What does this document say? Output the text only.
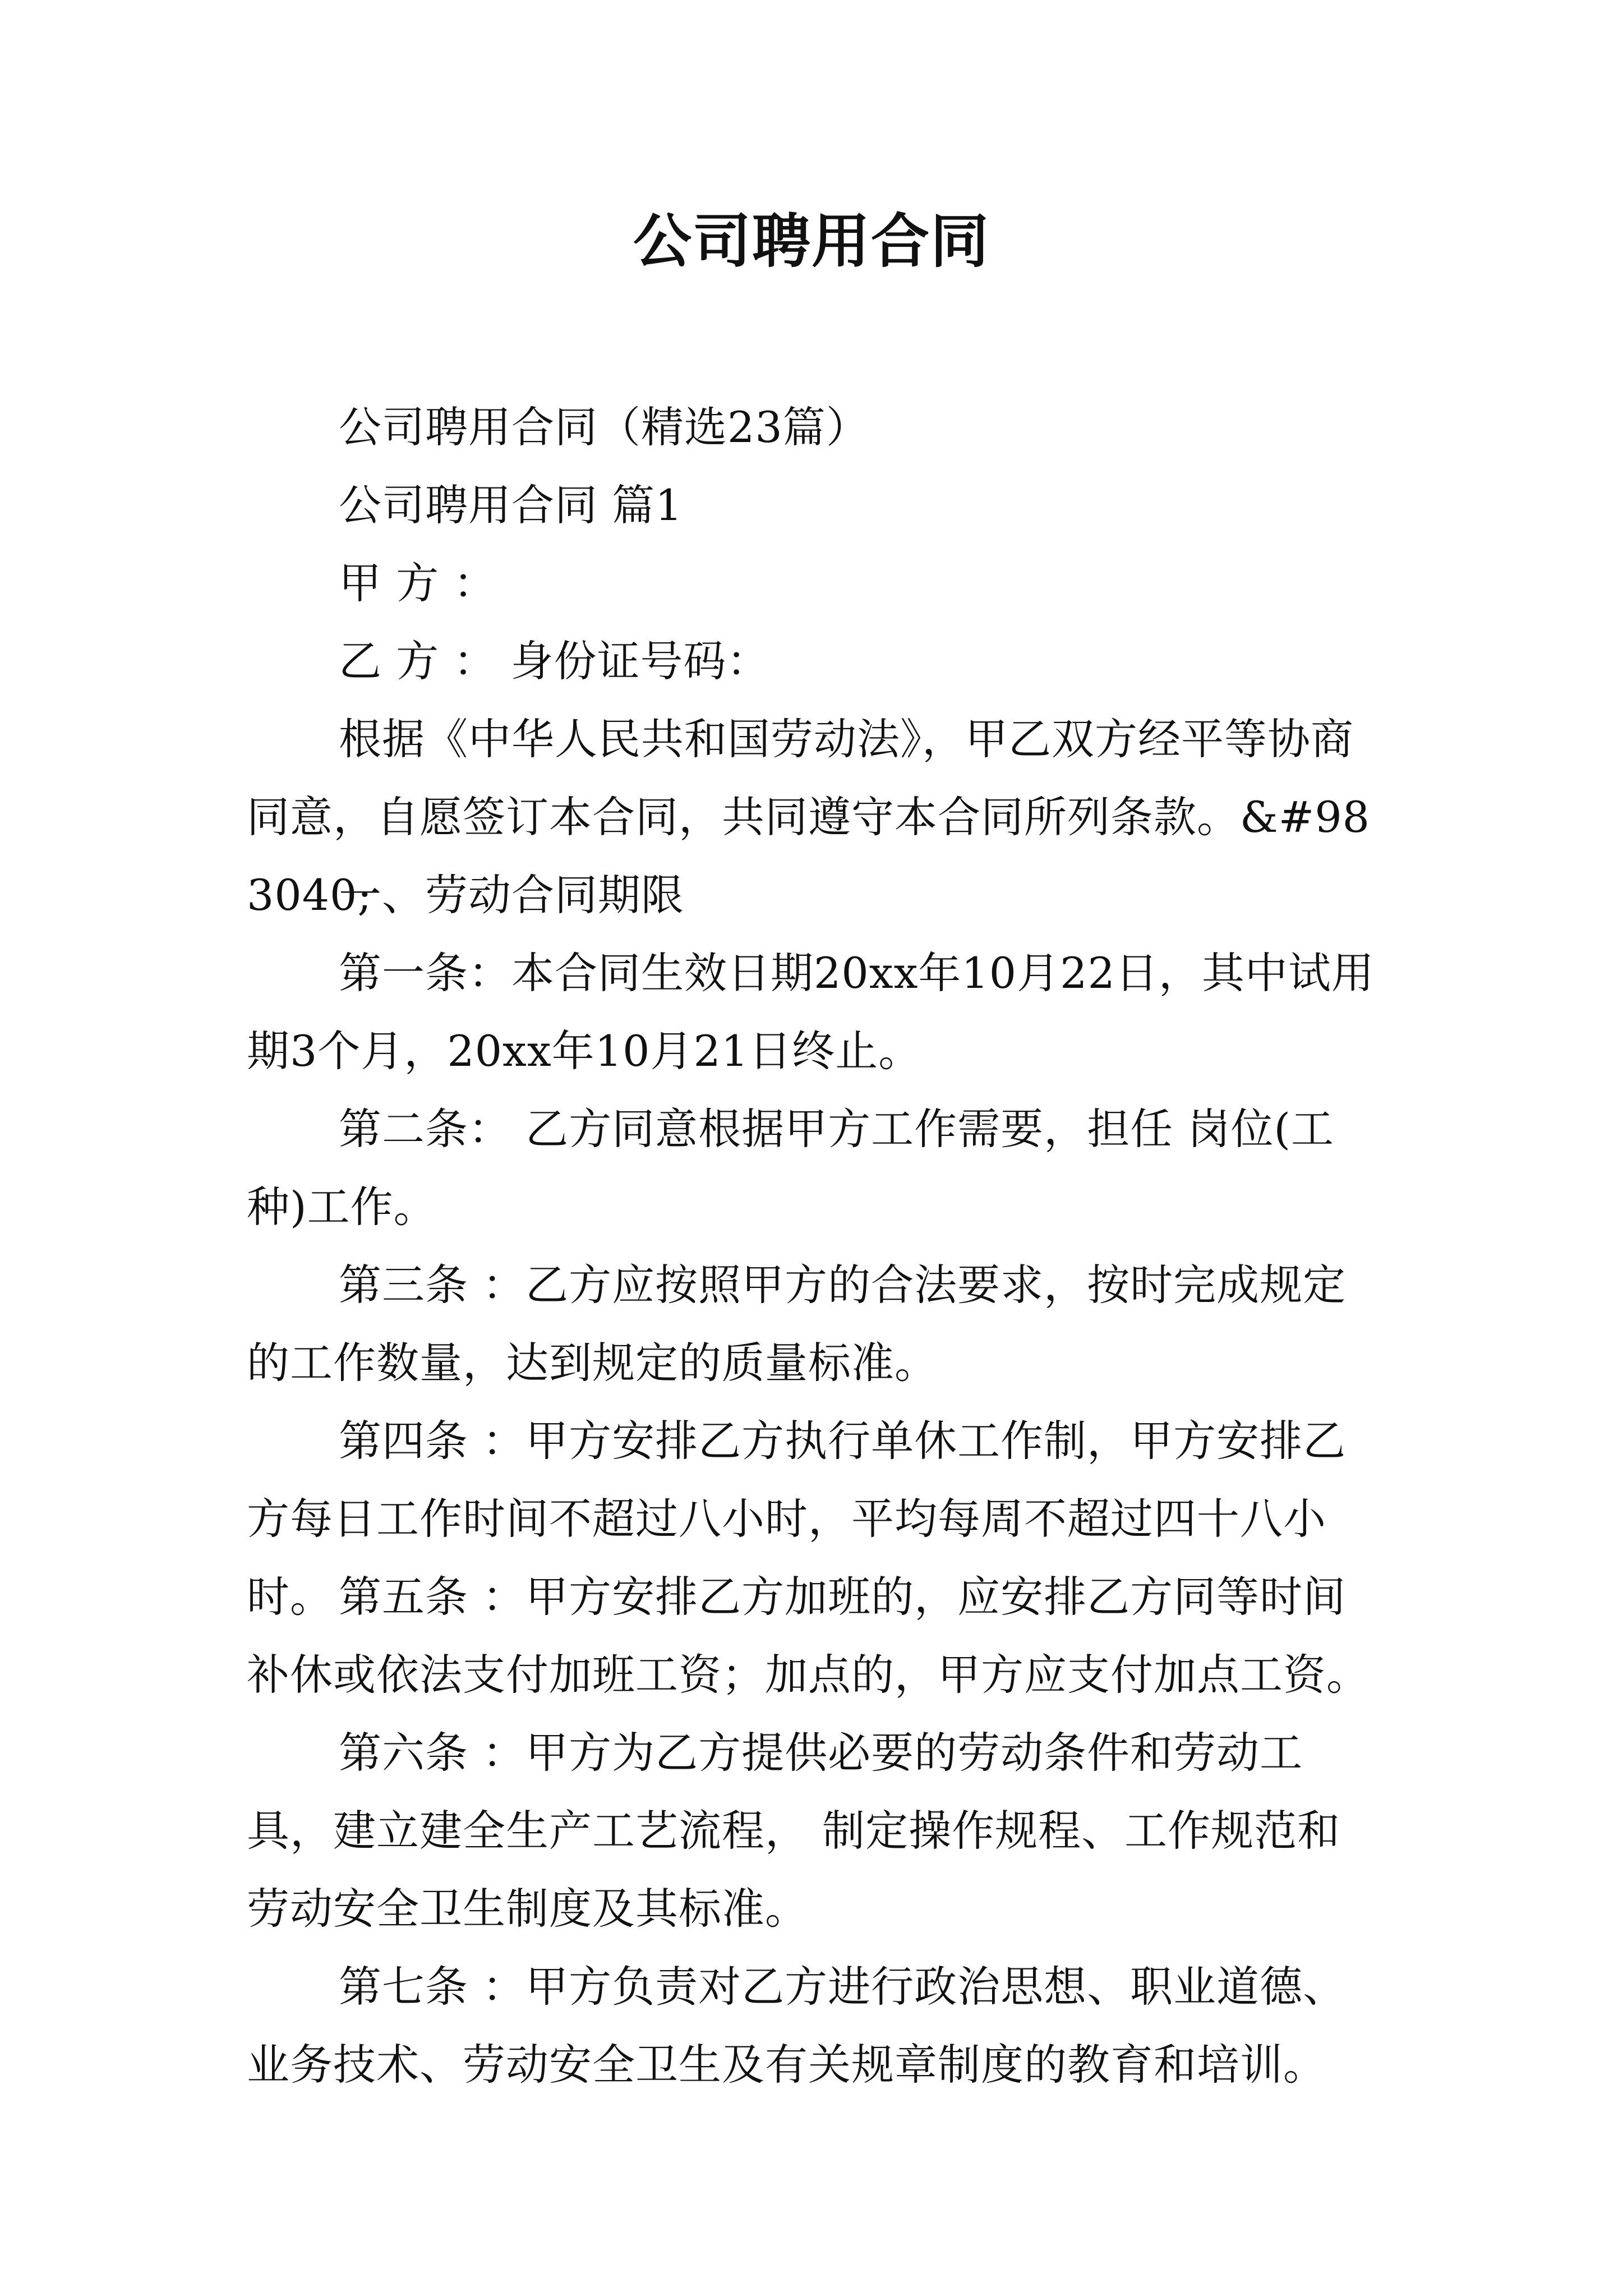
公司聘用合同

公司聘用合同（精选23篇）

公司聘用合同 篇1

甲 方 ：

乙 方 ： 身份证号码：

根据《中华人民共和国劳动法》，甲乙双方经平等协商同意，自愿签订本合同，共同遵守本合同所列条款。&#983040;

一、劳动合同期限

第一条：本合同生效日期20xx年10月22日，其中试用期3个月，20xx年10月21日终止。

第二条： 乙方同意根据甲方工作需要，担任 岗位(工种)工作。

第三条 ：乙方应按照甲方的合法要求，按时完成规定的工作数量，达到规定的质量标准。

第四条 ：甲方安排乙方执行单休工作制，甲方安排乙方每日工作时间不超过八小时，平均每周不超过四十八小时。 第五条 ：甲方安排乙方加班的，应安排乙方同等时间补休或依法支付加班工资；加点的，甲方应支付加点工资。

第六条 ：甲方为乙方提供必要的劳动条件和劳动工具，建立建全生产工艺流程， 制定操作规程、工作规范和劳动安全卫生制度及其标准。

第七条 ：甲方负责对乙方进行政治思想、职业道德、业务技术、劳动安全卫生及有关规章制度的教育和培训。
